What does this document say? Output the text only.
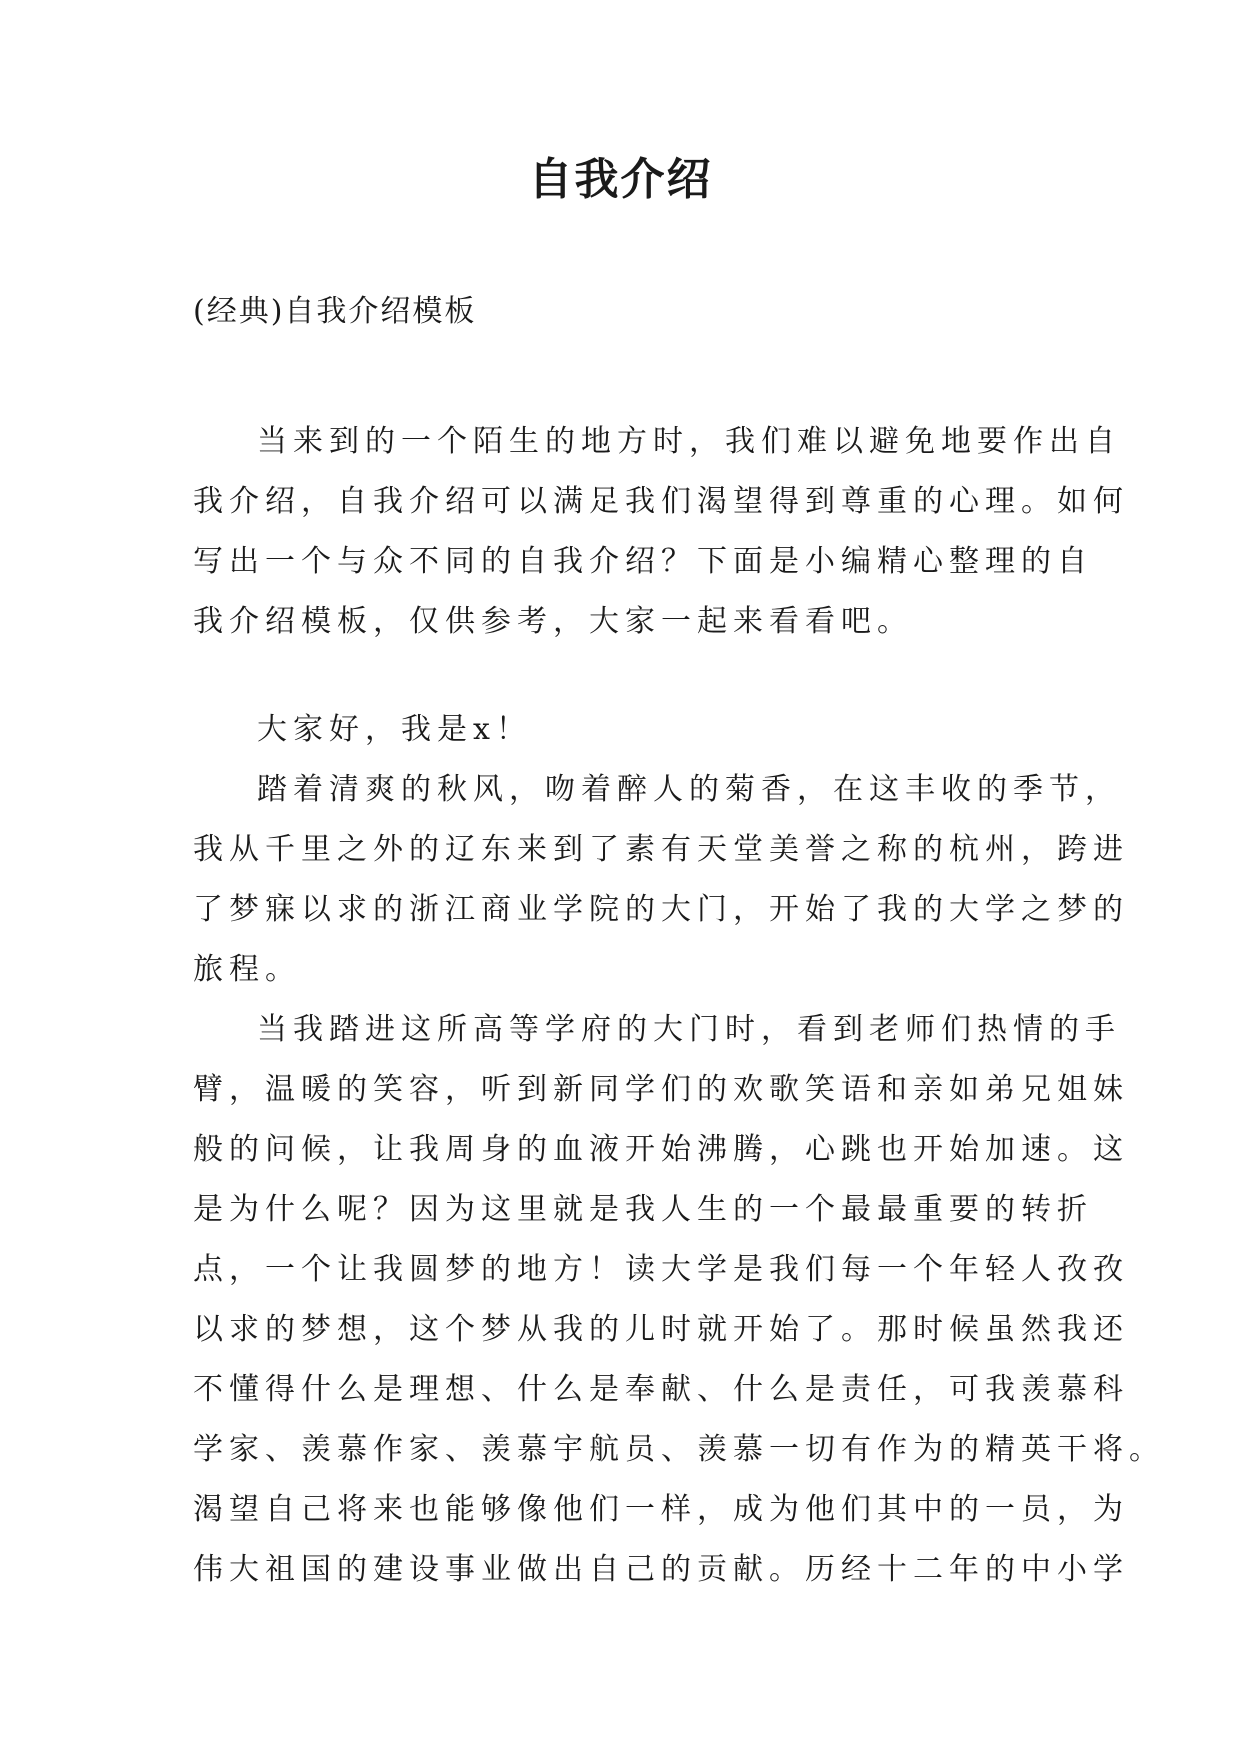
自我介绍

(经典)自我介绍模板

当来到的一个陌生的地方时，我们难以避免地要作出自
我介绍，自我介绍可以满足我们渴望得到尊重的心理。如何
写出一个与众不同的自我介绍？下面是小编精心整理的自
我介绍模板，仅供参考，大家一起来看看吧。
大家好，我是x！
踏着清爽的秋风，吻着醉人的菊香，在这丰收的季节，
我从千里之外的辽东来到了素有天堂美誉之称的杭州，跨进
了梦寐以求的浙江商业学院的大门，开始了我的大学之梦的
旅程。
当我踏进这所高等学府的大门时，看到老师们热情的手
臂，温暖的笑容，听到新同学们的欢歌笑语和亲如弟兄姐妹
般的问候，让我周身的血液开始沸腾，心跳也开始加速。这
是为什么呢？因为这里就是我人生的一个最最重要的转折
点，一个让我圆梦的地方！读大学是我们每一个年轻人孜孜
以求的梦想，这个梦从我的儿时就开始了。那时候虽然我还
不懂得什么是理想、什么是奉献、什么是责任，可我羡慕科
学家、羡慕作家、羡慕宇航员、羡慕一切有作为的精英干将。
渴望自己将来也能够像他们一样，成为他们其中的一员，为
伟大祖国的建设事业做出自己的贡献。历经十二年的中小学
